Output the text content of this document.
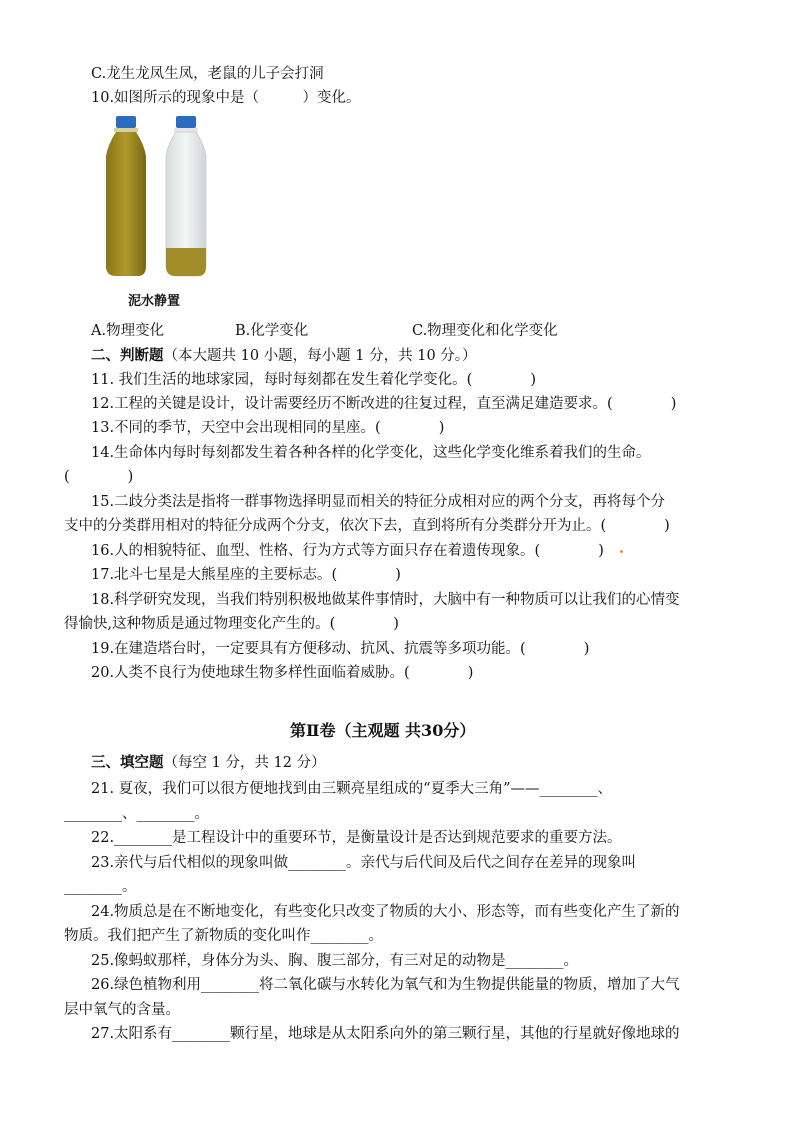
C.龙生龙凤生凤，老鼠的儿子会打洞
10.如图所示的现象中是（　　　）变化。
泥水静置
A.物理变化	B.化学变化	C.物理变化和化学变化
二、判断题（本大题共 10 小题，每小题 1 分，共 10 分。）
11. 我们生活的地球家园，每时每刻都在发生着化学变化。(　　　　)
12.工程的关键是设计，设计需要经历不断改进的往复过程，直至满足建造要求。(　　　　)
13.不同的季节，天空中会出现相同的星座。(　　　　)
14.生命体内每时每刻都发生着各种各样的化学变化，这些化学变化维系着我们的生命。
(　　　　)
15.二歧分类法是指将一群事物选择明显而相关的特征分成相对应的两个分支，再将每个分
支中的分类群用相对的特征分成两个分支，依次下去，直到将所有分类群分开为止。(　　　　)
16.人的相貌特征、血型、性格、行为方式等方面只存在着遗传现象。(　　　　)
17.北斗七星是大熊星座的主要标志。(　　　　)
18.科学研究发现，当我们特别积极地做某件事情时，大脑中有一种物质可以让我们的心情变
得愉快,这种物质是通过物理变化产生的。(　　　　)
19.在建造塔台时，一定要具有方便移动、抗风、抗震等多项功能。(　　　　)
20.人类不良行为使地球生物多样性面临着威胁。(　　　　)
第Ⅱ卷（主观题 共30分）
三、填空题（每空 1 分，共 12 分）
21. 夏夜，我们可以很方便地找到由三颗亮星组成的“夏季大三角”——________、
________、________。
22.________是工程设计中的重要环节，是衡量设计是否达到规范要求的重要方法。
23.亲代与后代相似的现象叫做________。亲代与后代间及后代之间存在差异的现象叫
________。
24.物质总是在不断地变化，有些变化只改变了物质的大小、形态等，而有些变化产生了新的
物质。我们把产生了新物质的变化叫作________。
25.像蚂蚁那样，身体分为头、胸、腹三部分，有三对足的动物是________。
26.绿色植物利用________将二氧化碳与水转化为氧气和为生物提供能量的物质，增加了大气
层中氧气的含量。
27.太阳系有________颗行星，地球是从太阳系向外的第三颗行星，其他的行星就好像地球的
